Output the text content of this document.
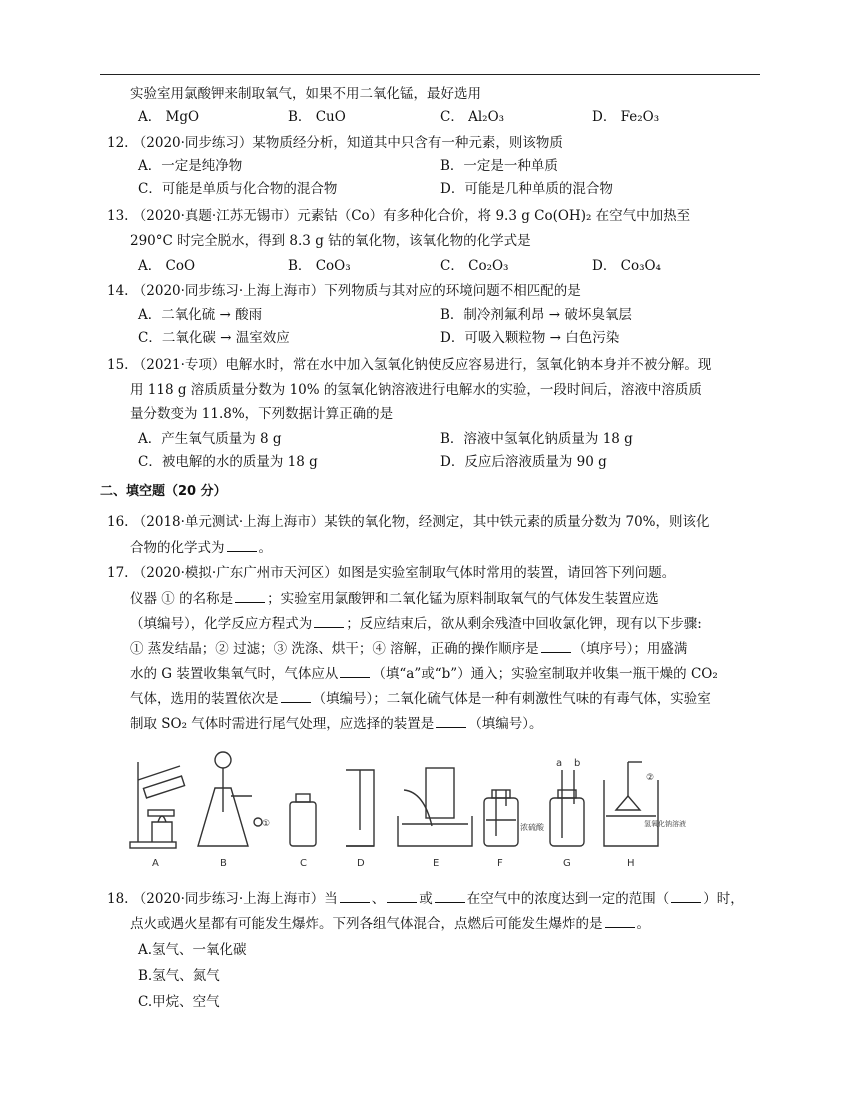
实验室用氯酸钾来制取氧气，如果不用二氧化锰，最好选用
A． MgO	B． CuO	C． Al₂O₃	D． Fe₂O₃
12. （2020·同步练习）某物质经分析，知道其中只含有一种元素，则该物质
A．一定是纯净物	B．一定是一种单质
C．可能是单质与化合物的混合物	D．可能是几种单质的混合物
13. （2020·真题·江苏无锡市）元素钴（Co）有多种化合价，将 9.3 g Co(OH)₂ 在空气中加热至
290°C 时完全脱水，得到 8.3 g 钴的氧化物，该氧化物的化学式是
A． CoO	B． CoO₃	C． Co₂O₃	D． Co₃O₄
14. （2020·同步练习·上海上海市）下列物质与其对应的环境问题不相匹配的是
A．二氧化硫 → 酸雨	B．制冷剂氟利昂 → 破坏臭氧层
C．二氧化碳 → 温室效应	D．可吸入颗粒物 → 白色污染
15. （2021·专项）电解水时，常在水中加入氢氧化钠使反应容易进行，氢氧化钠本身并不被分解。现
用 118 g 溶质质量分数为 10% 的氢氧化钠溶液进行电解水的实验，一段时间后，溶液中溶质质
量分数变为 11.8%，下列数据计算正确的是
A．产生氧气质量为 8 g	B．溶液中氢氧化钠质量为 18 g
C．被电解的水的质量为 18 g	D．反应后溶液质量为 90 g
二、填空题（20 分）
16. （2018·单元测试·上海上海市）某铁的氧化物，经测定，其中铁元素的质量分数为 70%，则该化
合物的化学式为	。
17. （2020·模拟·广东广州市天河区）如图是实验室制取气体时常用的装置，请回答下列问题。
仪器 ① 的名称是	；实验室用氯酸钾和二氧化锰为原料制取氧气的气体发生装置应选
（填编号），化学反应方程式为	；反应结束后，欲从剩余残渣中回收氯化钾，现有以下步骤:
① 蒸发结晶；② 过滤；③ 洗涤、烘干；④ 溶解，正确的操作顺序是	（填序号）；用盛满
水的 G 装置收集氧气时，气体应从	（填“a”或“b”）通入；实验室制取并收集一瓶干燥的 CO₂
气体，选用的装置依次是	（填编号）；二氧化硫气体是一种有刺激性气味的有毒气体，实验室
制取 SO₂ 气体时需进行尾气处理，应选择的装置是	（填编号）。
a b
①
②
浓硫酸	氢氧化钠溶液
A	B	C	D	E	F	G	H
18. （2020·同步练习·上海上海市）当	、	或	在空气中的浓度达到一定的范围（	）时，
点火或遇火星都有可能发生爆炸。下列各组气体混合，点燃后可能发生爆炸的是	。
A.氢气、一氧化碳
B.氢气、氮气
C.甲烷、空气
